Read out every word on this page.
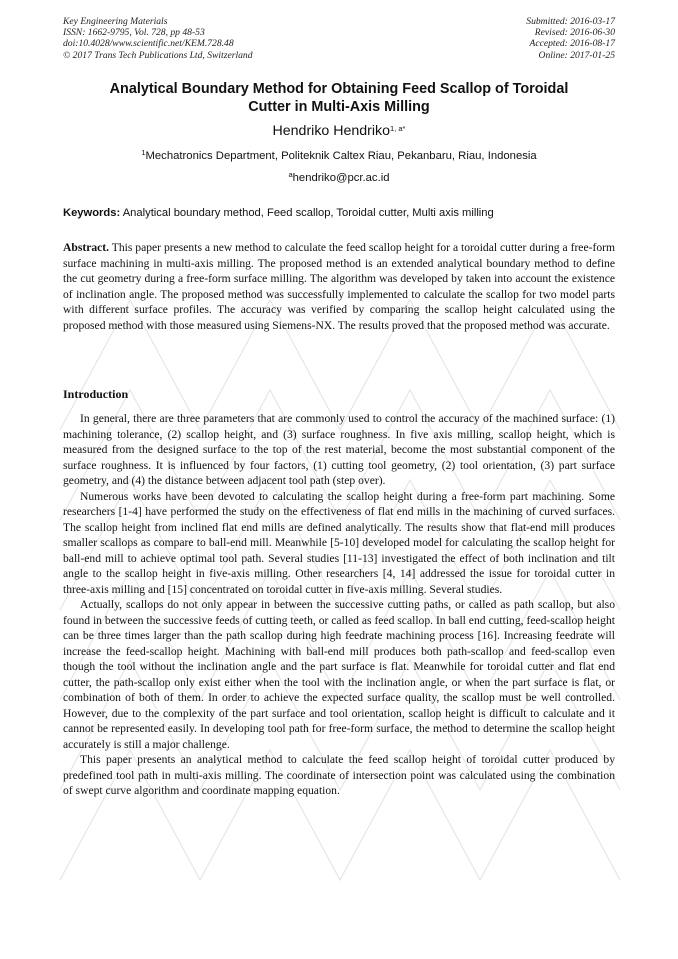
Key Engineering Materials
ISSN: 1662-9795, Vol. 728, pp 48-53
doi:10.4028/www.scientific.net/KEM.728.48
© 2017 Trans Tech Publications Ltd, Switzerland
Submitted: 2016-03-17
Revised: 2016-06-30
Accepted: 2016-08-17
Online: 2017-01-25
Analytical Boundary Method for Obtaining Feed Scallop of Toroidal
Cutter in Multi-Axis Milling
Hendriko Hendriko$^{1, a*}$
$^1$Mechatronics Department, Politeknik Caltex Riau, Pekanbaru, Riau, Indonesia
$^a$hendriko@pcr.ac.id
Keywords: Analytical boundary method, Feed scallop, Toroidal cutter, Multi axis milling
Abstract. This paper presents a new method to calculate the feed scallop height for a toroidal cutter during a free-form surface machining in multi-axis milling. The proposed method is an extended analytical boundary method to define the cut geometry during a free-form surface milling. The algorithm was developed by taken into account the existence of inclination angle. The proposed method was successfully implemented to calculate the scallop for two model parts with different surface profiles. The accuracy was verified by comparing the scallop height calculated using the proposed method with those measured using Siemens-NX. The results proved that the proposed method was accurate.
Introduction

In general, there are three parameters that are commonly used to control the accuracy of the machined surface: (1) machining tolerance, (2) scallop height, and (3) surface roughness. In five axis milling, scallop height, which is measured from the designed surface to the top of the rest material, become the most substantial component of the surface roughness. It is influenced by four factors, (1) cutting tool geometry, (2) tool orientation, (3) part surface geometry, and (4) the distance between adjacent tool path (step over).

Numerous works have been devoted to calculating the scallop height during a free-form part machining. Some researchers [1-4] have performed the study on the effectiveness of flat end mills in the machining of curved surfaces. The scallop height from inclined flat end mills are defined analytically. The results show that flat-end mill produces smaller scallops as compare to ball-end mill. Meanwhile [5-10] developed model for calculating the scallop height for ball-end mill to achieve optimal tool path. Several studies [11-13] investigated the effect of both inclination and tilt angle to the scallop height in five-axis milling. Other researchers [4, 14] addressed the issue for toroidal cutter in three-axis milling and [15] concentrated on toroidal cutter in five-axis milling. Several studies.

Actually, scallops do not only appear in between the successive cutting paths, or called as path scallop, but also found in between the successive feeds of cutting teeth, or called as feed scallop. In ball end cutting, feed-scallop height can be three times larger than the path scallop during high feedrate machining process [16]. Increasing feedrate will increase the feed-scallop height. Machining with ball-end mill produces both path-scallop and feed-scallop even though the tool without the inclination angle and the part surface is flat. Meanwhile for toroidal cutter and flat end cutter, the path-scallop only exist either when the tool with the inclination angle, or when the part surface is flat, or combination of both of them. In order to achieve the expected surface quality, the scallop must be well controlled. However, due to the complexity of the part surface and tool orientation, scallop height is difficult to calculate and it cannot be represented easily. In developing tool path for free-form surface, the method to determine the scallop height accurately is still a major challenge.

This paper presents an analytical method to calculate the feed scallop height of toroidal cutter produced by predefined tool path in multi-axis milling. The coordinate of intersection point was calculated using the combination of swept curve algorithm and coordinate mapping equation.
